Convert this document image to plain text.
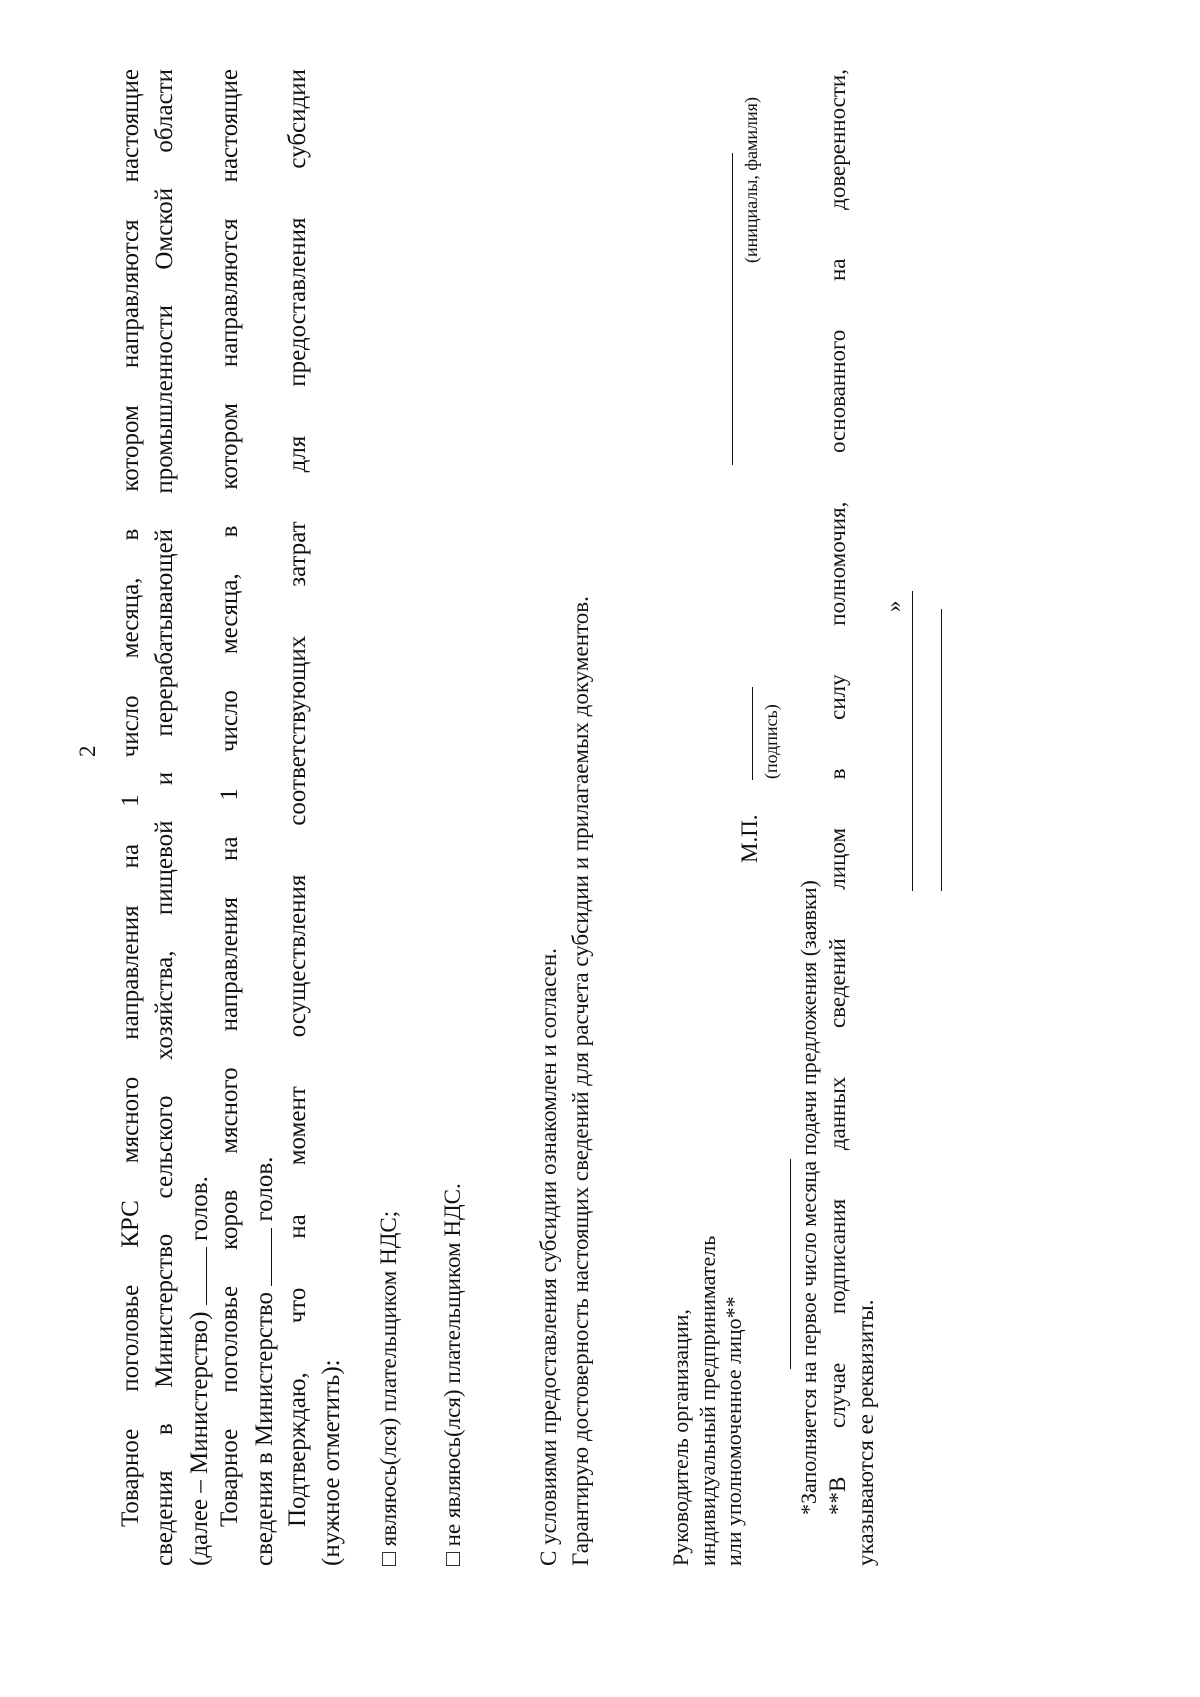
2 Товарное поголовье КРС мясного направления на 1 число месяца, в котором направляются настоящие сведения в Министерство сельского хозяйства, пищевой и перерабатывающей промышленности Омской области (далее – Министерство)  голов. Товарное поголовье коров мясного направления на 1 число месяца, в котором направляются настоящие сведения в Министерство  голов. Подтверждаю, что на момент осуществления соответствующих затрат для предоставления субсидии (нужное отметить): □ являюсь(лся) плательщиком НДС;
□ не являюсь(лся) плательщиком НДС.	С условиями предоставления субсидии ознакомлен и согласен. Гарантирую достоверность настоящих сведений для расчета субсидии и прилагаемых документов.	Руководитель организации, индивидуальный предприниматель или уполномоченное лицо**
М.П.
(подпись)
(инициалы, фамилия)
*Заполняется на первое число месяца подачи предложения (заявки) **В случае подписания данных сведений лицом в силу полномочия, основанного на доверенности, указываются ее реквизиты.
»
